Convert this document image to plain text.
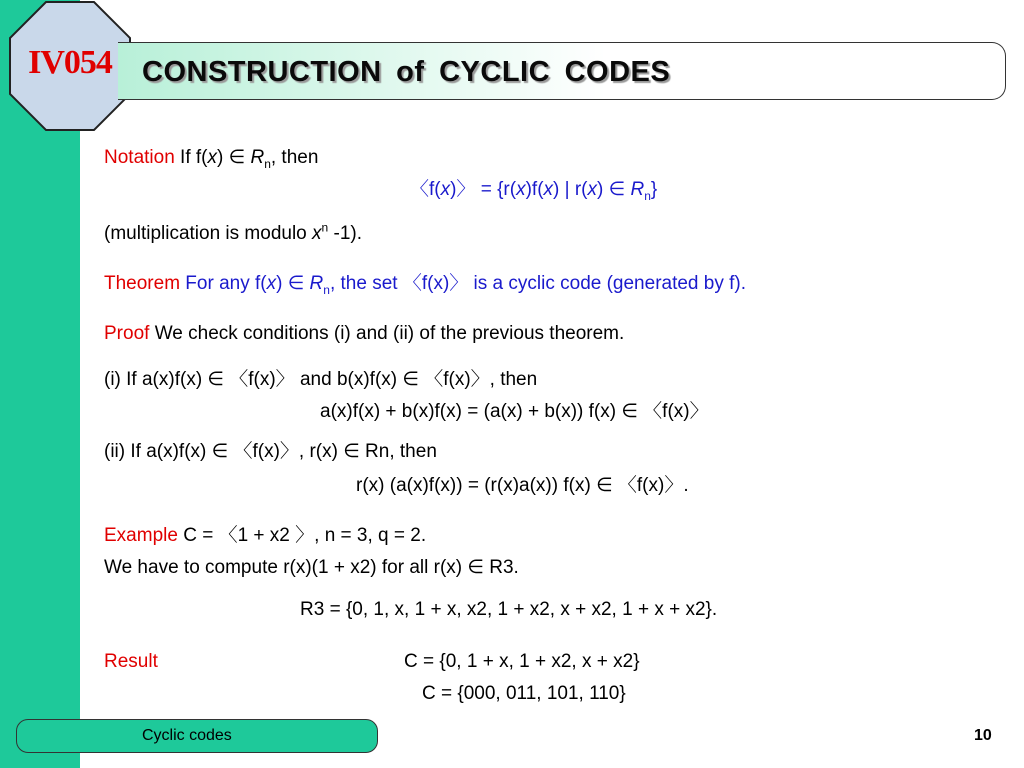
IV054	CONSTRUCTION of CYCLIC CODES
Notation If f(x) ∈ $R_n$, then
〈f(x)〉 = {r(x)f(x) | r(x) ∈ $R_n$}
(multiplication is modulo $x^n$ -1).
Theorem For any f(x) ∈ $R_n$, the set 〈f(x)〉 is a cyclic code (generated by f).
Proof We check conditions (i) and (ii) of the previous theorem.
(i) If a(x)f(x) ∈ 〈f(x)〉 and b(x)f(x) ∈ 〈f(x)〉, then
a(x)f(x) + b(x)f(x) = (a(x) + b(x)) f(x) ∈ 〈f(x)〉
(ii) If a(x)f(x) ∈ 〈f(x)〉, r(x) ∈ Rn, then
r(x) (a(x)f(x)) = (r(x)a(x)) f(x) ∈ 〈f(x)〉.
Example C = 〈1 + x2 〉, n = 3, q = 2.
We have to compute r(x)(1 + x2) for all r(x) ∈ R3.
R3 = {0, 1, x, 1 + x, x2, 1 + x2, x + x2, 1 + x + x2}.
Result	C = {0, 1 + x, 1 + x2, x + x2}
C = {000, 011, 101, 110}
Cyclic codes	10
